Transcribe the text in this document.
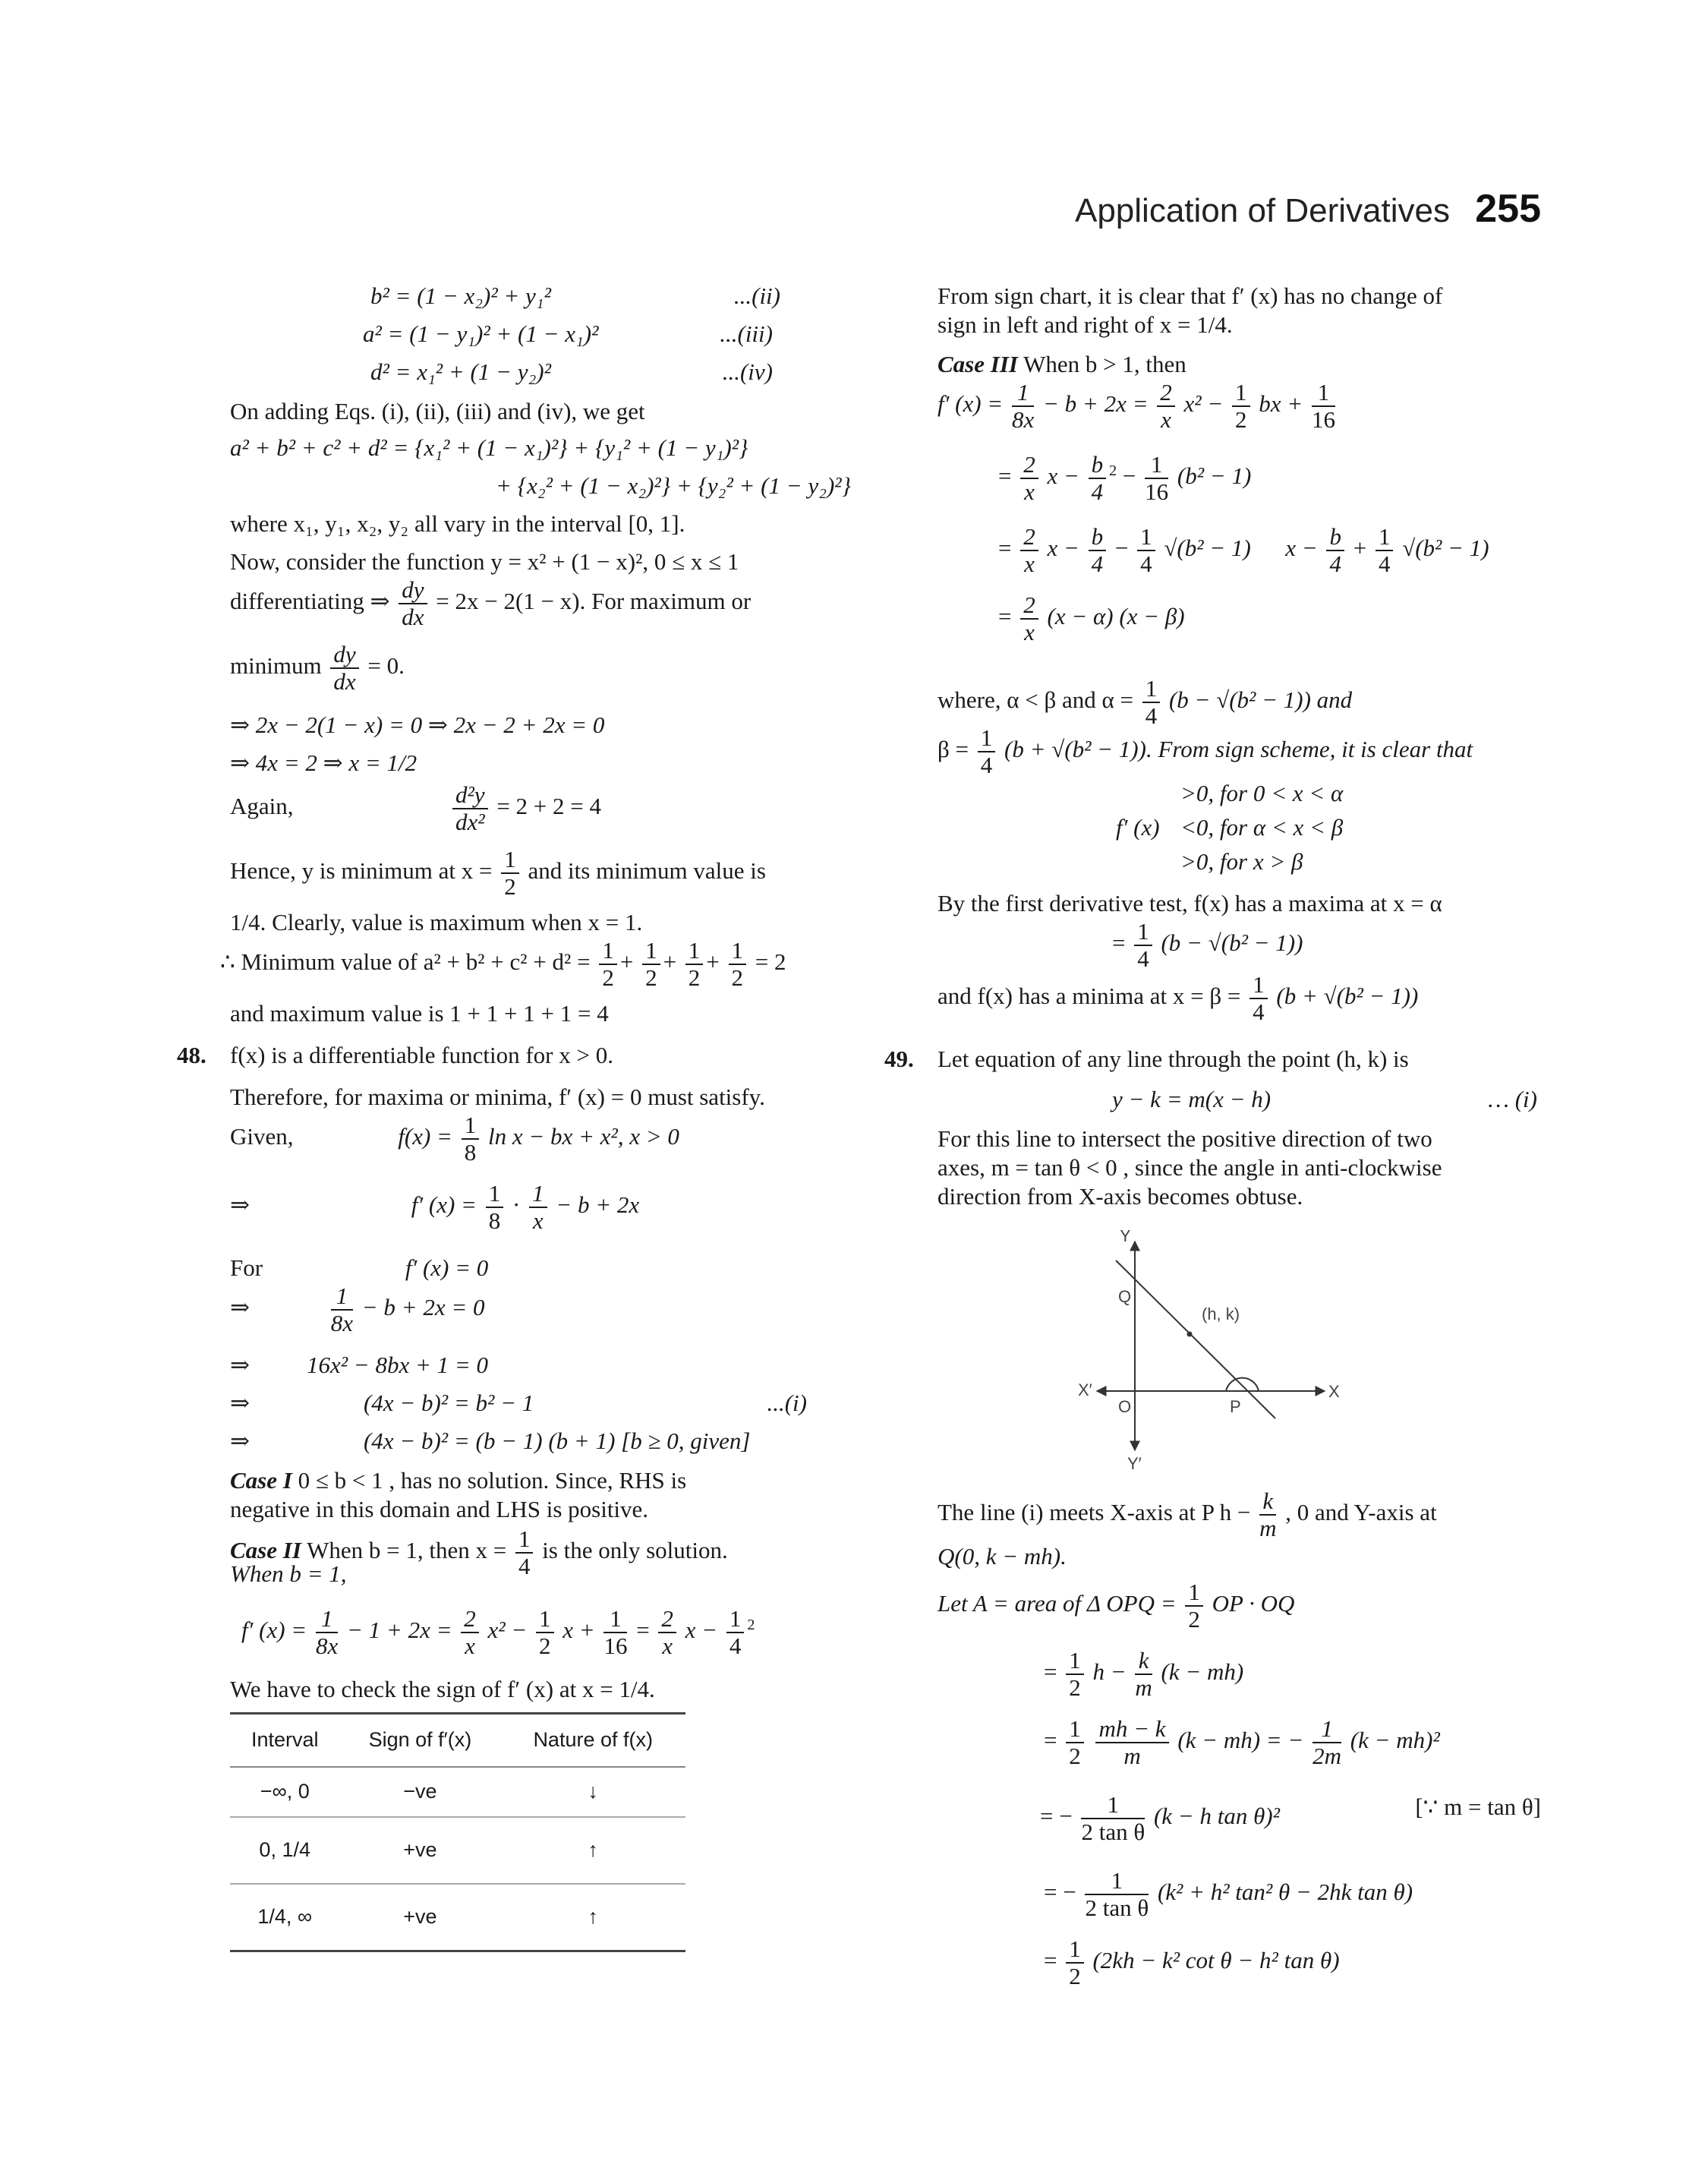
Application of Derivatives 255
b² = (1 − x₂)² + y₁²	...(ii)
a² = (1 − y₁)² + (1 − x₁)²	...(iii)
d² = x₁² + (1 − y₂)²	...(iv)
On adding Eqs. (i), (ii), (iii) and (iv), we get
a² + b² + c² + d² = {x₁² + (1 − x₁)²} + {y₁² + (1 − y₁)²}
+ {x₂² + (1 − x₂)²} + {y₂² + (1 − y₂)²}
where x₁, y₁, x₂, y₂ all vary in the interval [0, 1].
Now, consider the function y = x² + (1 − x)², 0 ≤ x ≤ 1
differentiating ⇒ $\frac{dy}{dx} = 2x - 2(1 - x)$. For maximum or
minimum $\frac{dy}{dx} = 0$.
⇒ 2x − 2(1 − x) = 0 ⇒ 2x − 2 + 2x = 0
⇒ 4x = 2 ⇒ x = 1/2
Again,	$\frac{\text{d²y}}{\text{dx²}} = 2 + 2 = 4$
Hence, y is minimum at $x = \frac{1}{2}$ and its minimum value is
1/4. Clearly, value is maximum when x = 1.
∴ Minimum value of $a^2 + b^2 + c^2 + d^2 = \frac{1}{2} + \frac{1}{2} + \frac{1}{2} + \frac{1}{2} = 2$
and maximum value is 1 + 1 + 1 + 1 = 4
48. f(x) is a differentiable function for x > 0.
Therefore, for maxima or minima, f′ (x) = 0 must satisfy.
Given,	$f(x) = \frac{1}{8}$ ln x − bx + x², x > 0
⇒	f′ $(x) = \frac{1}{8} \cdot \frac{1}{x} - b + 2x$
For	f′ (x) = 0
⇒	$\frac{1}{8x} - b + 2x = 0$
⇒ 16x² − 8bx + 1 = 0
⇒	(4x − b)² = b² − 1	...(i)
⇒	(4x − b)² = (b − 1) (b + 1) [b ≥ 0, given]
Case I 0 ≤ b < 1 , has no solution. Since, RHS is
negative in this domain and LHS is positive.
Case II When b = 1, then $x = \frac{1}{4}$ is the only solution.
When b = 1,
f′ $(x) = \frac{1}{8x} - 1 + 2x = \frac{2}{x} x^2 - \frac{1}{2}$ $x + \frac{1}{16} = \frac{2}{x}$ $x - \frac{1}{4} ^2$
We have to check the sign of f′ (x) at x = 1/4.
Interval	Sign of f′(x)	Nature of f(x)
−∞, 0	−ve	↓
0, 1/4	+ve	↑
1/4, ∞	+ve	↑
From sign chart, it is clear that f′ (x) has no change of
sign in left and right of x = 1/4.
Case III When b > 1, then
f′ $(x) = \frac{1}{8x} - b + 2x = \frac{2}{x} x^2 - \frac{1}{2}$ bx + $\frac{1}{16}$
= $\frac{2}{x}$ $x - \frac{b}{4} ^2 - \frac{1}{16} (b^2 - 1)$
= $\frac{2}{x}$ $x - \frac{b}{4} - \frac{1}{4} √(b^2 - 1) x - \frac{b}{4} + \frac{1}{4} √(b^2 - 1)$
= $\frac{2}{x} (x - \alpha) (x - \beta)$
where, α < β and $\alpha = \frac{1}{4} (b - √(b^2 - 1))$ and
$\beta = \frac{1}{4} (b + √(b^2 - 1))$. From sign scheme, it is clear that
>0, for 0 < x < α
f′ (x) <0, for α < x < β
>0, for x > β
By the first derivative test, f(x) has a maxima at x = α
= $\frac{1}{4} (b - √(b^2 - 1))$
and f(x) has a minima at $x = \beta = \frac{1}{4} (b + √(b^2 - 1))$
49. Let equation of any line through the point (h, k) is
y − k = m(x − h)	… (i)
For this line to intersect the positive direction of two
axes, m = tan θ < 0 , since the angle in anti-clockwise
direction from X-axis becomes obtuse.
Y
X
X′
Y′
O
Q
P
(h, k)
The line (i) meets X-axis at P $h - \frac{k}{m}$ , 0 and Y-axis at
Q(0, k − mh).
Let A = area of Δ OPQ = $\frac{1}{2}$ OP · OQ
= $\frac{1}{2}$ $h - \frac{k}{m} (k - mh)$
= $\frac{1}{2}$
$\frac{mh - k}{m} (k - mh)$ = − $\frac{1}{2m} (k - mh)^2$
= − $\frac{1}{\text{2 tan θ}} (k - h$ tan θ)²	[∵ m = tan θ]
= − $\frac{1}{\text{2 tan θ}} (k^2 + h^2$ tan² θ − 2hk tan θ)
= $\frac{1}{2} (2kh - k^2$ cot θ − h² tan θ)
